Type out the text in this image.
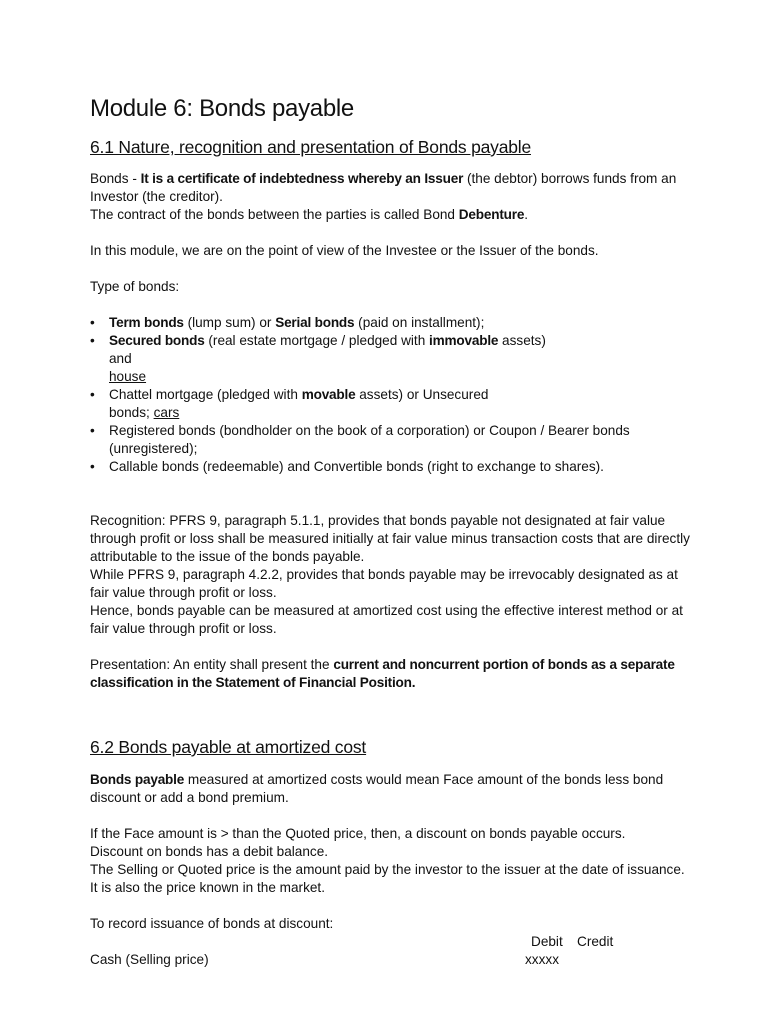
Module 6: Bonds payable
6.1 Nature, recognition and presentation of Bonds payable

Bonds - It is a certificate of indebtedness whereby an Issuer (the debtor) borrows funds from an Investor (the creditor).

The contract of the bonds between the parties is called Bond Debenture.

In this module, we are on the point of view of the Investee or the Issuer of the bonds.

Type of bonds:

• Term bonds (lump sum) or Serial bonds (paid on installment);
• Secured bonds (real estate mortgage / pledged with immovable assets) and
house
• Chattel mortgage (pledged with movable assets) or Unsecured
bonds; cars
• Registered bonds (bondholder on the book of a corporation) or Coupon / Bearer bonds (unregistered);
• Callable bonds (redeemable) and Convertible bonds (right to exchange to shares).

Recognition: PFRS 9, paragraph 5.1.1, provides that bonds payable not designated at fair value through profit or loss shall be measured initially at fair value minus transaction costs that are directly attributable to the issue of the bonds payable.

While PFRS 9, paragraph 4.2.2, provides that bonds payable may be irrevocably designated as at fair value through profit or loss.

Hence, bonds payable can be measured at amortized cost using the effective interest method or at fair value through profit or loss.

Presentation: An entity shall present the current and noncurrent portion of bonds as a separate classification in the Statement of Financial Position.

6.2 Bonds payable at amortized cost

Bonds payable measured at amortized costs would mean Face amount of the bonds less bond discount or add a bond premium.

If the Face amount is > than the Quoted price, then, a discount on bonds payable occurs.

Discount on bonds has a debit balance.

The Selling or Quoted price is the amount paid by the investor to the issuer at the date of issuance. It is also the price known in the market.

To record issuance of bonds at discount:

Debit Credit
Cash (Selling price)	xxxxx
